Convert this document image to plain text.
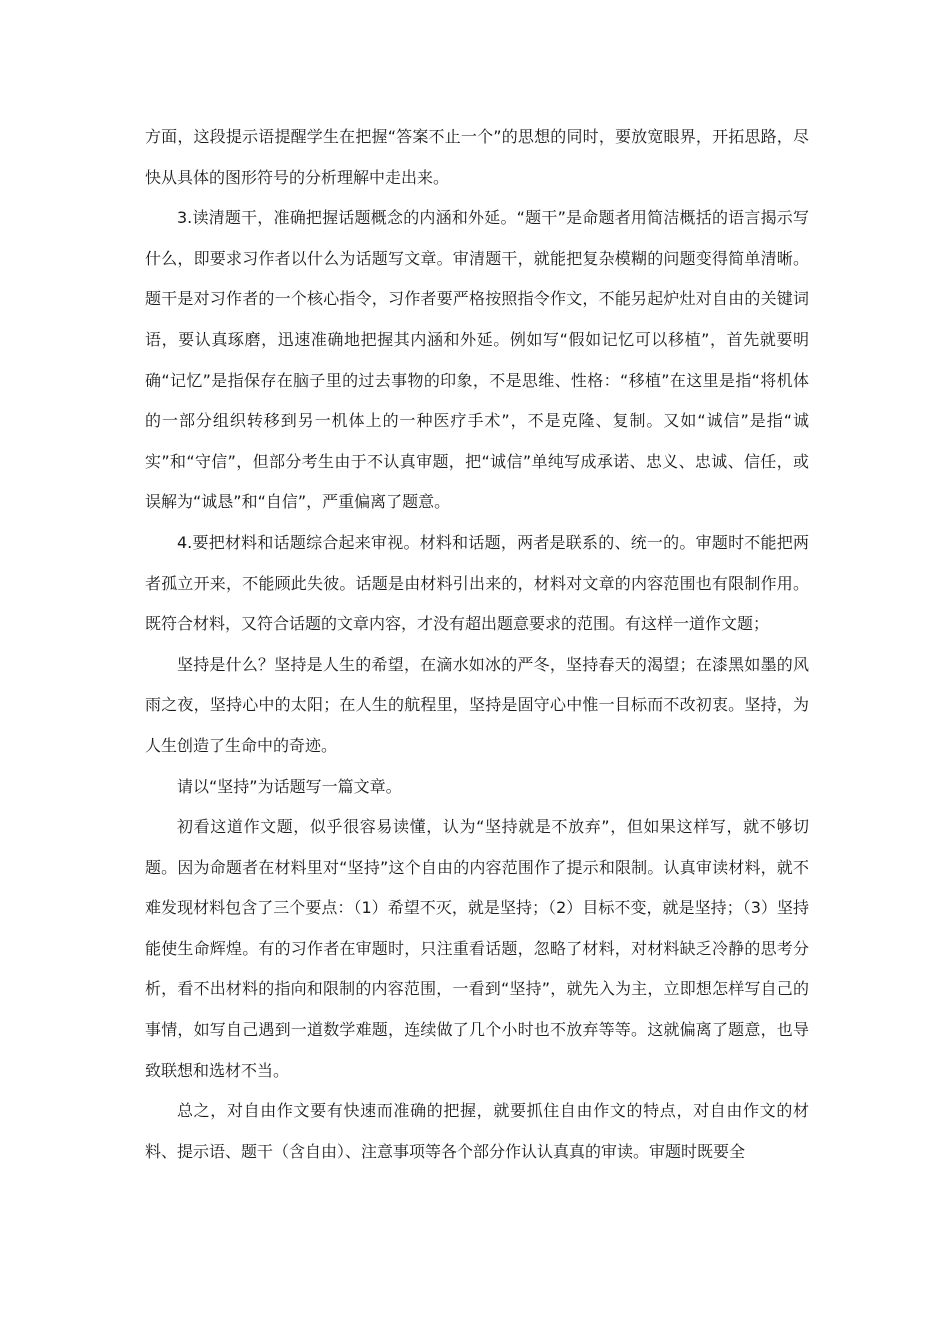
方面，这段提示语提醒学生在把握“答案不止一个”的思想的同时，要放宽眼界，开拓思路，尽快从具体的图形符号的分析理解中走出来。

3.读清题干，准确把握话题概念的内涵和外延。“题干”是命题者用简洁概括的语言揭示写什么，即要求习作者以什么为话题写文章。审清题干，就能把复杂模糊的问题变得简单清晰。题干是对习作者的一个核心指令，习作者要严格按照指令作文，不能另起炉灶对自由的关键词语，要认真琢磨，迅速准确地把握其内涵和外延。例如写“假如记忆可以移植”，首先就要明确“记忆”是指保存在脑子里的过去事物的印象，不是思维、性格：“移植”在这里是指“将机体的一部分组织转移到另一机体上的一种医疗手术”，不是克隆、复制。又如“诚信”是指“诚实”和“守信”，但部分考生由于不认真审题，把“诚信”单纯写成承诺、忠义、忠诚、信任，或误解为“诚恳”和“自信”，严重偏离了题意。

4.要把材料和话题综合起来审视。材料和话题，两者是联系的、统一的。审题时不能把两者孤立开来，不能顾此失彼。话题是由材料引出来的，材料对文章的内容范围也有限制作用。既符合材料，又符合话题的文章内容，才没有超出题意要求的范围。有这样一道作文题；

坚持是什么？坚持是人生的希望，在滴水如冰的严冬，坚持春天的渴望；在漆黑如墨的风雨之夜，坚持心中的太阳；在人生的航程里，坚持是固守心中惟一目标而不改初衷。坚持，为人生创造了生命中的奇迹。

请以“坚持”为话题写一篇文章。

初看这道作文题，似乎很容易读懂，认为“坚持就是不放弃”，但如果这样写，就不够切题。因为命题者在材料里对“坚持”这个自由的内容范围作了提示和限制。认真审读材料，就不难发现材料包含了三个要点：（1）希望不灭，就是坚持；（2）目标不变，就是坚持；（3）坚持能使生命辉煌。有的习作者在审题时，只注重看话题，忽略了材料，对材料缺乏冷静的思考分析，看不出材料的指向和限制的内容范围，一看到“坚持”，就先入为主，立即想怎样写自己的事情，如写自己遇到一道数学难题，连续做了几个小时也不放弃等等。这就偏离了题意，也导致联想和选材不当。

总之，对自由作文要有快速而准确的把握，就要抓住自由作文的特点，对自由作文的材料、提示语、题干（含自由）、注意事项等各个部分作认认真真的审读。审题时既要全
